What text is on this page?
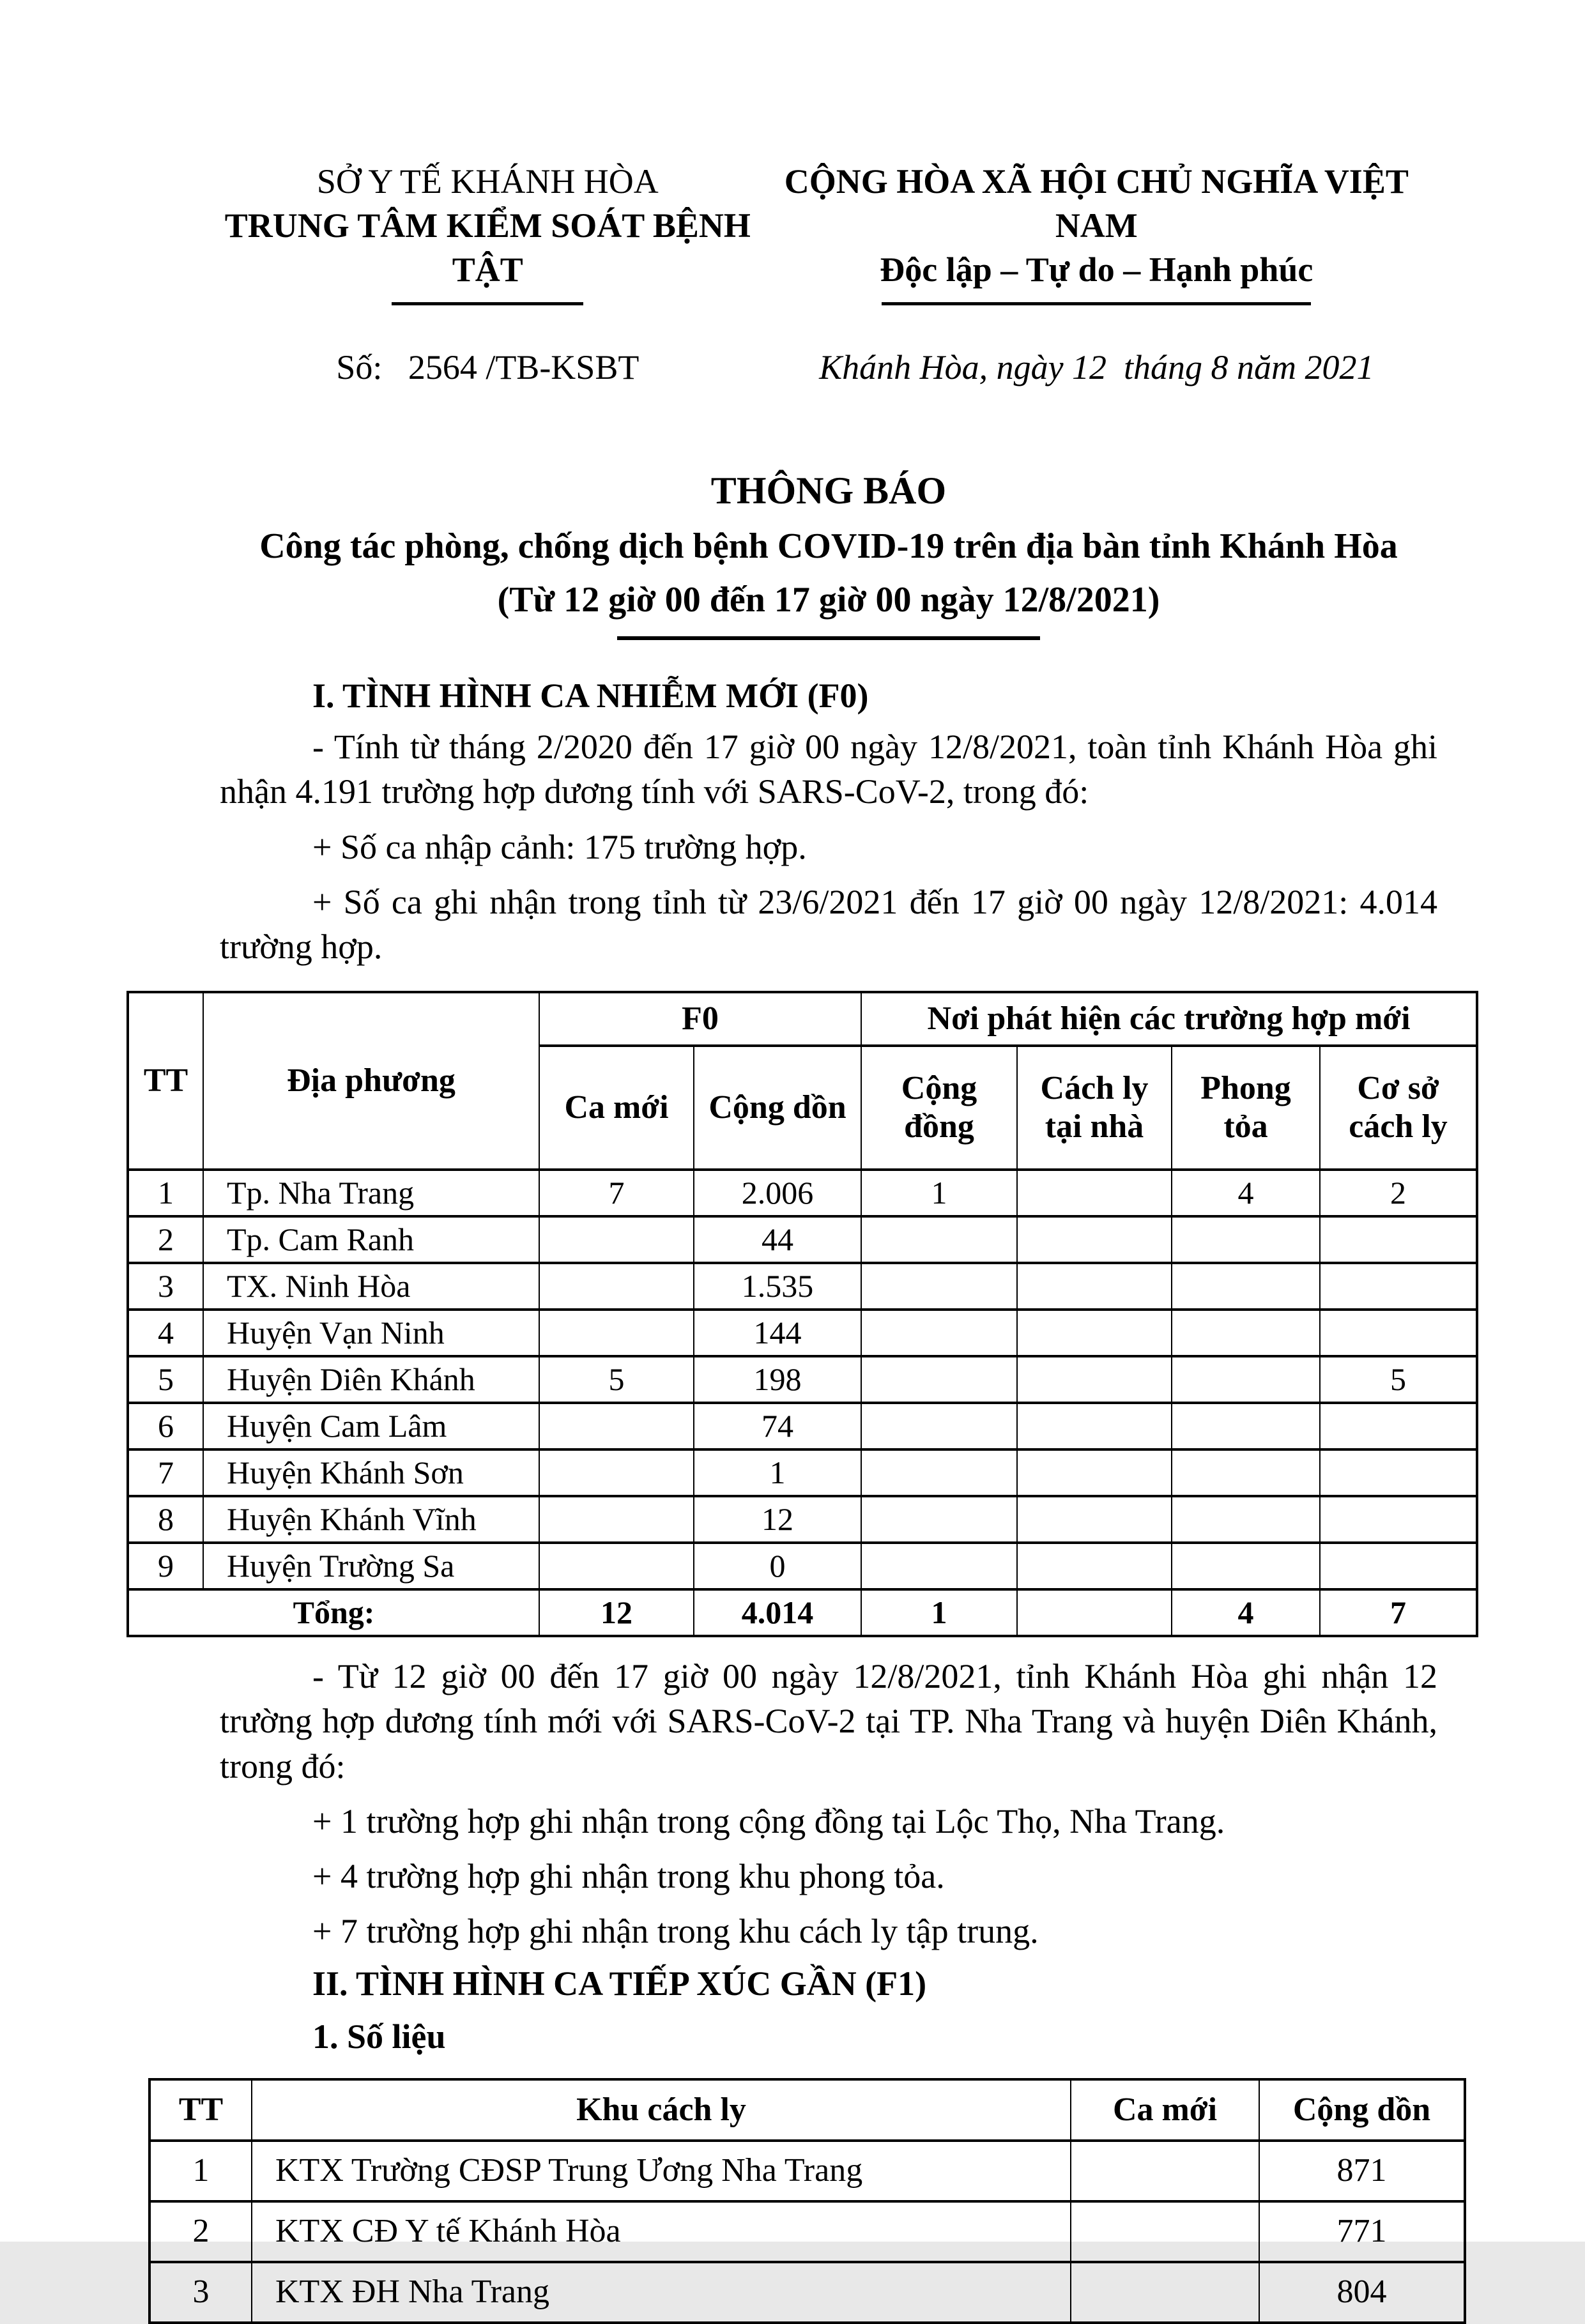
SỞ Y TẾ KHÁNH HÒA
TRUNG TÂM KIỂM SOÁT BỆNH TẬT
Số:   2564 /TB-KSBT
CỘNG HÒA XÃ HỘI CHỦ NGHĨA VIỆT NAM
Độc lập – Tự do – Hạnh phúc
Khánh Hòa, ngày 12  tháng 8 năm 2021
THÔNG BÁO
Công tác phòng, chống dịch bệnh COVID-19 trên địa bàn tỉnh Khánh Hòa
(Từ 12 giờ 00 đến 17 giờ 00 ngày 12/8/2021)

I. TÌNH HÌNH CA NHIỄM MỚI (F0)

- Tính từ tháng 2/2020 đến 17 giờ 00 ngày 12/8/2021, toàn tỉnh Khánh Hòa ghi nhận 4.191 trường hợp dương tính với SARS-CoV-2, trong đó:

+ Số ca nhập cảnh: 175 trường hợp.

+ Số ca ghi nhận trong tỉnh từ 23/6/2021 đến 17 giờ 00 ngày 12/8/2021: 4.014 trường hợp.

TT	Địa phương	F0		Nơi phát hiện các trường hợp mới			
		Ca mới	Cộng dồn	Cộng đồng	Cách ly tại nhà	Phong tỏa	Cơ sở cách ly
1	Tp. Nha Trang	7	2.006	1		4	2
2	Tp. Cam Ranh		44				
3	TX. Ninh Hòa		1.535				
4	Huyện Vạn Ninh		144				
5	Huyện Diên Khánh	5	198				5
6	Huyện Cam Lâm		74				
7	Huyện Khánh Sơn		1				
8	Huyện Khánh Vĩnh		12				
9	Huyện Trường Sa		0				
Tổng:		12	4.014	1		4	7

- Từ 12 giờ 00 đến 17 giờ 00 ngày 12/8/2021, tỉnh Khánh Hòa ghi nhận 12 trường hợp dương tính mới với SARS-CoV-2 tại TP. Nha Trang và huyện Diên Khánh, trong đó:

+ 1 trường hợp ghi nhận trong cộng đồng tại Lộc Thọ, Nha Trang.

+ 4 trường hợp ghi nhận trong khu phong tỏa.

+ 7 trường hợp ghi nhận trong khu cách ly tập trung.

II. TÌNH HÌNH CA TIẾP XÚC GẦN (F1)

1. Số liệu

TT	Khu cách ly	Ca mới	Cộng dồn
1	KTX Trường CĐSP Trung Ương Nha Trang		871
2	KTX CĐ Y tế Khánh Hòa		771
3	KTX ĐH Nha Trang		804
